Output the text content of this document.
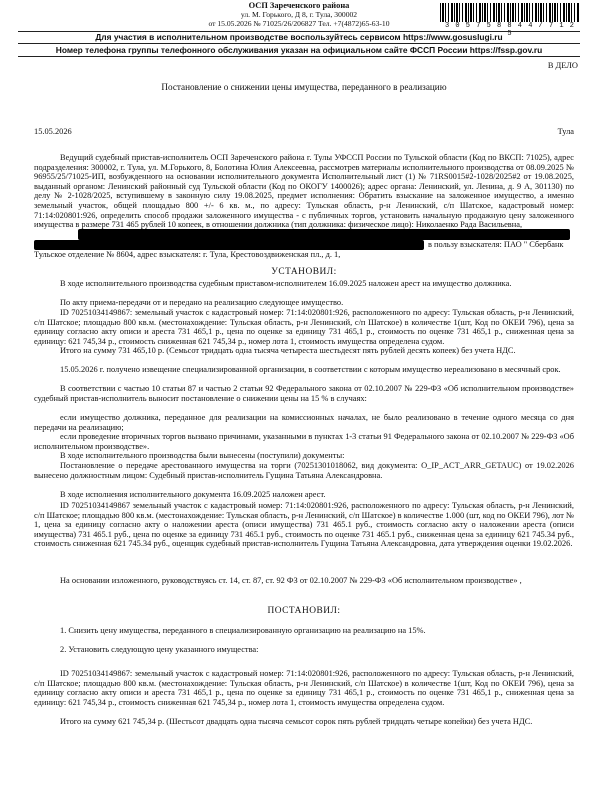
ОСП Зареченского района
ул. М. Горького, Д 8, г. Тула, 300002
от 15.05.2026 № 71025/26/206827 Тел. +7(4872)65-63-10	3 0 5 7 5 8 8 4 4 / 7 1 2 5
Для участия в исполнительном производстве воспользуйтесь сервисом https://www.gosuslugi.ru
Номер телефона группы телефонного обслуживания указан на официальном сайте ФССП России https://fssp.gov.ru
В ДЕЛО
Постановление о снижении цены имущества, переданного в реализацию
15.05.2026	Тула
Ведущий судебный пристав-исполнитель ОСП Зареченского района г. Тулы УФССП России по Тульской области (Код по ВКСП: 71025), адрес подразделения: 300002, г. Тула, ул. М.Горького, 8, Болотина Юлия Алексеевна, рассмотрев материалы исполнительного производства от 08.09.2025 № 96955/25/71025-ИП, возбужденного на основании исполнительного документа Исполнительный лист (1) № 71RS0015#2-1028/2025#2 от 19.08.2025, выданный органом: Ленинский районный суд Тульской области (Код по ОКОГУ 1400026); адрес органа: Ленинский, ул. Ленина, д. 9 А, 301130) по делу № 2-1028/2025, вступившему в законную силу 19.08.2025, предмет исполнения: Обратить взыскание на заложенное имущество, а именно земельный участок, общей площадью 800 +/- 6 кв. м., по адресу: Тульская область, р-н Ленинский, с/п Шатское, кадастровый номер: 71:14:020801:926, определить способ продажи заложенного имущества - с публичных торгов, установить начальную продажную цену заложенного имущества в размере 731 465 рублей 10 копеек, в отношении должника (тип должника: физическое лицо): Николаенко Рада Васильевна,
в пользу взыскателя: ПАО " Сбербанк
Тульское отделение № 8604, адрес взыскателя: г. Тула, Крестовоздвиженская пл., д. 1,
УСТАНОВИЛ:
В ходе исполнительного производства судебным приставом-исполнителем 16.09.2025 наложен арест на имущество должника.
По акту приема-передачи от и передано на реализацию следующее имущество.
ID 70251034149867: земельный участок с кадастровый номер: 71:14:020801:926, расположенного по адресу: Тульская область, р-н Ленинский, с/п Шатское; площадью 800 кв.м. (местонахождение: Тульская область, р-н Ленинский, с/п Шатское) в количестве 1(шт, Код по ОКЕИ 796), цена за единицу согласно акту описи и ареста 731 465,1 р., цена по оценке за единицу 731 465,1 р., стоимость по оценке 731 465,1 р., сниженная цена за единицу: 621 745,34 р., стоимость сниженная 621 745,34 р., номер лота 1, стоимость имущества определена судом.
Итого на сумму 731 465,10 р. (Семьсот тридцать одна тысяча четыреста шестьдесят пять рублей десять копеек) без учета НДС.
15.05.2026 г. получено извещение специализированной организации, в соответствии с которым имущество нереализовано в месячный срок.
В соответствии с частью 10 статьи 87 и частью 2 статьи 92 Федерального закона от 02.10.2007 № 229-ФЗ «Об исполнительном производстве» судебный пристав-исполнитель выносит постановление о снижении цены на 15 % в случаях:
если имущество должника, переданное для реализации на комиссионных началах, не было реализовано в течение одного месяца со дня передачи на реализацию;
если проведение вторичных торгов вызвано причинами, указанными в пунктах 1-3 статьи 91 Федерального закона от 02.10.2007 № 229-ФЗ «Об исполнительном производстве».
В ходе исполнительного производства были вынесены (поступили) документы:
Постановление о передаче арестованного имущества на торги (70251301018062, вид документа: O_IP_ACT_ARR_GETAUC) от 19.02.2026 вынесено должностным лицом: Судебный пристав-исполнитель Гущина Татьяна Александровна.
В ходе исполнения исполнительного документа 16.09.2025 наложен арест.
ID 70251034149867 земельный участок с кадастровый номер: 71:14:020801:926, расположенного по адресу: Тульская область, р-н Ленинский, с/п Шатское; площадью 800 кв.м. (местонахождение: Тульская область, р-н Ленинский, с/п Шатское) в количестве 1.000 (шт, код по ОКЕИ 796), лот № 1, цена за единицу согласно акту о наложении ареста (описи имущества) 731 465.1 руб., стоимость согласно акту о наложении ареста (описи имущества) 731 465.1 руб., цена по оценке за единицу 731 465.1 руб., стоимость по оценке 731 465.1 руб., сниженная цена за единицу 621 745.34 руб., стоимость сниженная 621 745.34 руб., оценщик судебный пристав-исполнитель Гущина Татьяна Александровна, дата утверждения оценки 19.02.2026.
На основании изложенного, руководствуясь ст. 14, ст. 87, ст. 92 ФЗ от 02.10.2007 № 229-ФЗ «Об исполнительном производстве» ,
ПОСТАНОВИЛ:
1. Снизить цену имущества, переданного в специализированную организацию на реализацию на 15%.
2. Установить следующую цену указанного имущества:
ID 70251034149867: земельный участок с кадастровый номер: 71:14:020801:926, расположенного по адресу: Тульская область, р-н Ленинский, с/п Шатское; площадью 800 кв.м. (местонахождение: Тульская область, р-н Ленинский, с/п Шатское) в количестве 1(шт, Код по ОКЕИ 796), цена за единицу согласно акту описи и ареста 731 465,1 р., цена по оценке за единицу 731 465,1 р., стоимость по оценке 731 465,1 р., сниженная цена за единицу: 621 745,34 р., стоимость сниженная 621 745,34 р., номер лота 1, стоимость имущества определена судом.
Итого на сумму 621 745,34 р. (Шестьсот двадцать одна тысяча семьсот сорок пять рублей тридцать четыре копейки) без учета НДС.
